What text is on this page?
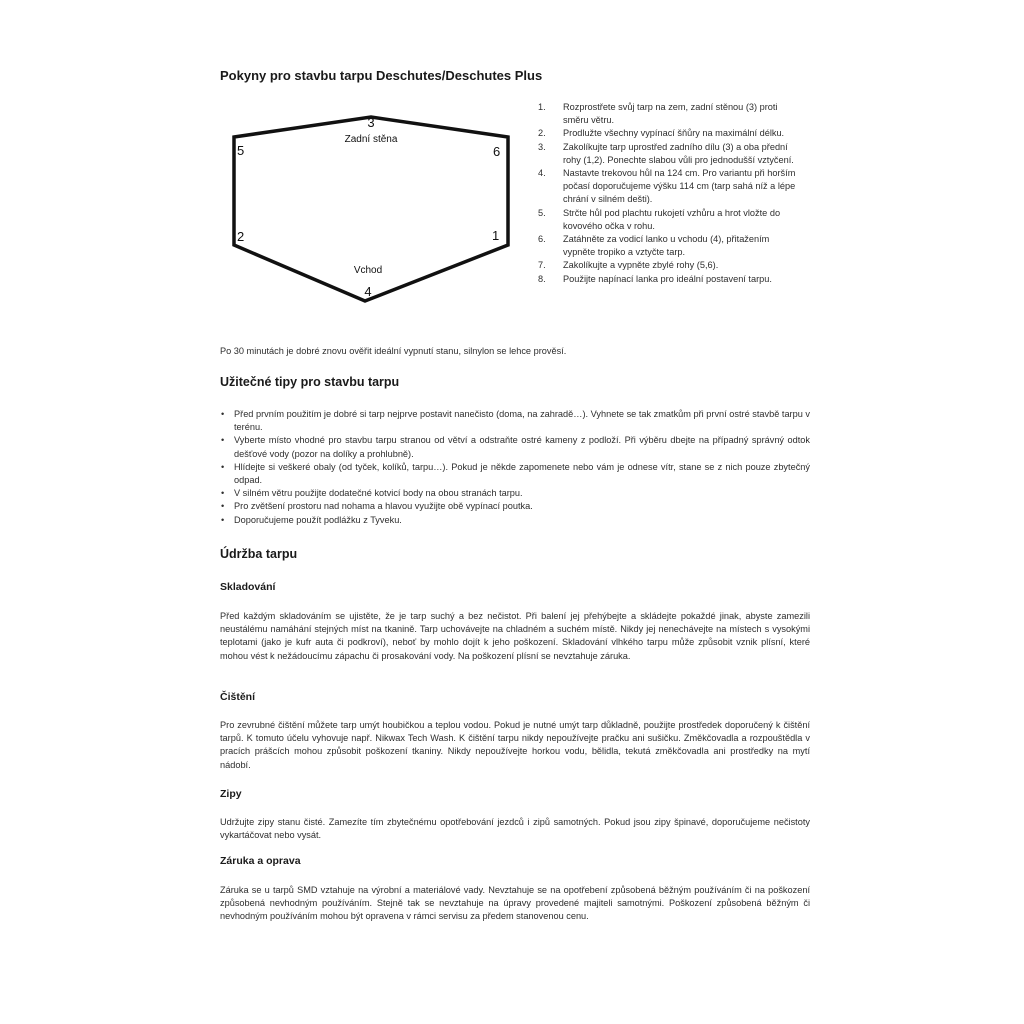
Pokyny pro stavbu tarpu Deschutes/Deschutes Plus
3
5	6
2	1
4
Zadní stěna
Vchod
1. Rozprostřete svůj tarp na zem, zadní stěnou (3) proti směru větru.
2. Prodlužte všechny vypínací šňůry na maximální délku.
3. Zakolíkujte tarp uprostřed zadního dílu (3) a oba přední rohy (1,2). Ponechte slabou vůli pro jednodušší vztyčení.
4. Nastavte trekovou hůl na 124 cm. Pro variantu při horším počasí doporučujeme výšku 114 cm (tarp sahá níž a lépe chrání v silném dešti).
5. Strčte hůl pod plachtu rukojetí vzhůru a hrot vložte do kovového očka v rohu.
6. Zatáhněte za vodicí lanko u vchodu (4), přitažením vypněte tropiko a vztyčte tarp.
7. Zakolíkujte a vypněte zbylé rohy (5,6).
8. Použijte napínací lanka pro ideální postavení tarpu.

Po 30 minutách je dobré znovu ověřit ideální vypnutí stanu, silnylon se lehce prověsí.

Užitečné tipy pro stavbu tarpu
• Před prvním použitím je dobré si tarp nejprve postavit nanečisto (doma, na zahradě…). Vyhnete se tak zmatkům při první ostré stavbě tarpu v terénu.
• Vyberte místo vhodné pro stavbu tarpu stranou od větví a odstraňte ostré kameny z podloží. Při výběru dbejte na případný správný odtok dešťové vody (pozor na dolíky a prohlubně).
• Hlídejte si veškeré obaly (od tyček, kolíků, tarpu…). Pokud je někde zapomenete nebo vám je odnese vítr, stane se z nich pouze zbytečný odpad.
• V silném větru použijte dodatečné kotvicí body na obou stranách tarpu.
• Pro zvětšení prostoru nad nohama a hlavou využijte obě vypínací poutka.
• Doporučujeme použít podlážku z Tyveku.
Údržba tarpu
Skladování

Před každým skladováním se ujistěte, že je tarp suchý a bez nečistot. Při balení jej přehýbejte a skládejte pokaždé jinak, abyste zamezili neustálému namáhání stejných míst na tkanině. Tarp uchovávejte na chladném a suchém místě. Nikdy jej nenechávejte na místech s vysokými teplotami (jako je kufr auta či podkroví), neboť by mohlo dojít k jeho poškození. Skladování vlhkého tarpu může způsobit vznik plísní, které mohou vést k nežádoucímu zápachu či prosakování vody. Na poškození plísní se nevztahuje záruka.

Čištění

Pro zevrubné čištění můžete tarp umýt houbičkou a teplou vodou. Pokud je nutné umýt tarp důkladně, použijte prostředek doporučený k čištění tarpů. K tomuto účelu vyhovuje např. Nikwax Tech Wash. K čištění tarpu nikdy nepoužívejte pračku ani sušičku. Změkčovadla a rozpouštědla v pracích prášcích mohou způsobit poškození tkaniny. Nikdy nepoužívejte horkou vodu, bělidla, tekutá změkčovadla ani prostředky na mytí nádobí.

Zipy

Udržujte zipy stanu čisté. Zamezíte tím zbytečnému opotřebování jezdců i zipů samotných. Pokud jsou zipy špinavé, doporučujeme nečistoty vykartáčovat nebo vysát.

Záruka a oprava

Záruka se u tarpů SMD vztahuje na výrobní a materiálové vady. Nevztahuje se na opotřebení způsobená běžným používáním či na poškození způsobená nevhodným používáním. Stejně tak se nevztahuje na úpravy provedené majiteli samotnými. Poškození způsobená běžným či nevhodným používáním mohou být opravena v rámci servisu za předem stanovenou cenu.
